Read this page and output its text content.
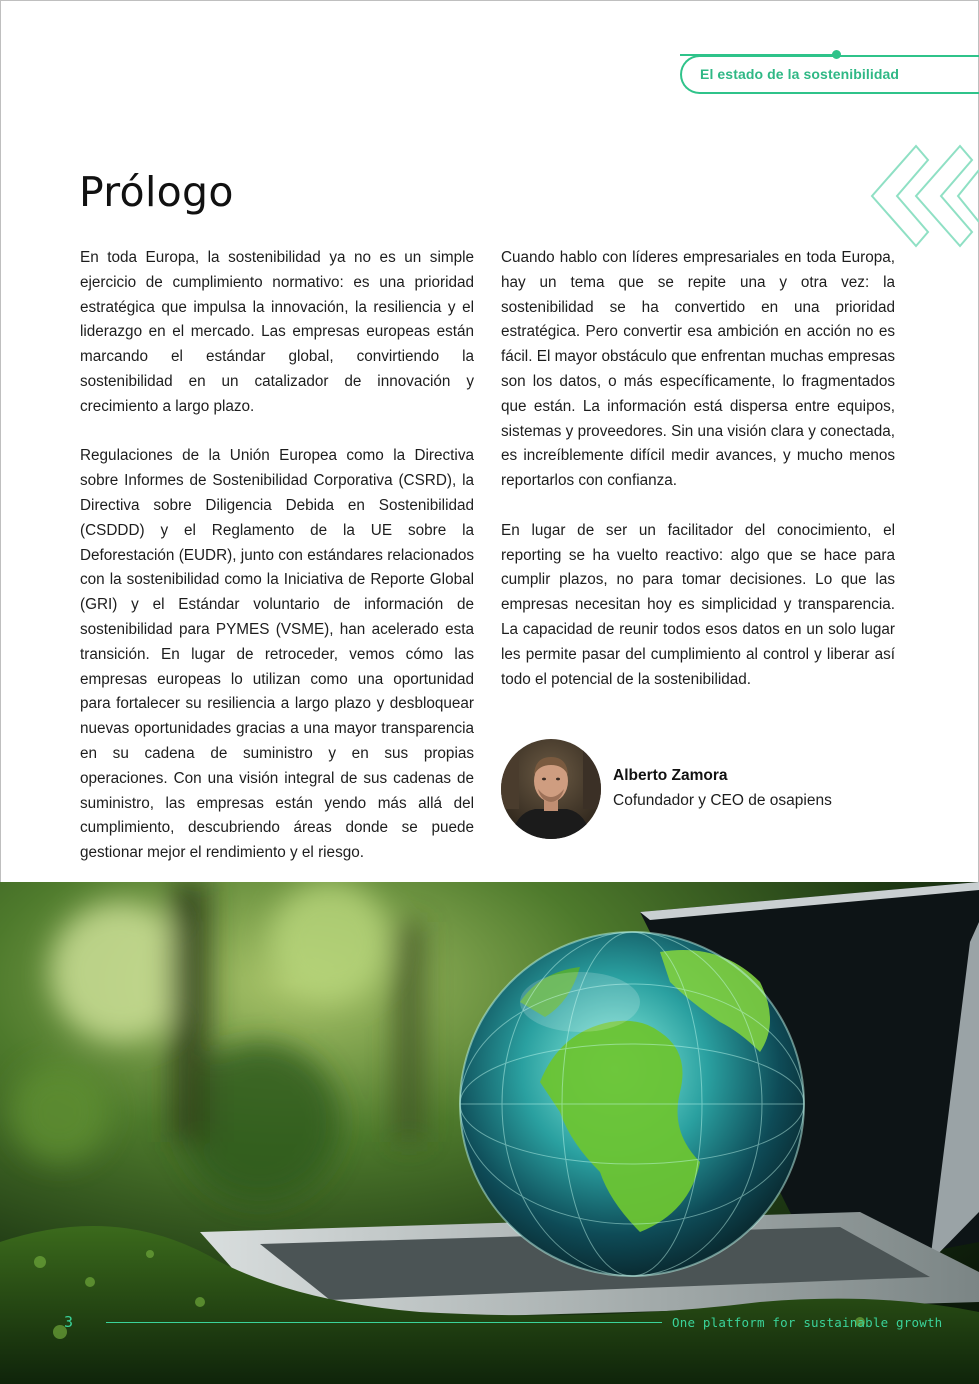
El estado de la sostenibilidad
Prólogo

En toda Europa, la sostenibilidad ya no es un simple ejercicio de cumplimiento normativo: es una prioridad estratégica que impulsa la innovación, la resiliencia y el liderazgo en el mercado. Las empresas europeas están marcando el estándar global, convirtiendo la sostenibilidad en un catalizador de innovación y crecimiento a largo plazo.

Regulaciones de la Unión Europea como la Directiva sobre Informes de Sostenibilidad Corporativa (CSRD), la Directiva sobre Diligencia Debida en Sostenibilidad (CSDDD) y el Reglamento de la UE sobre la Deforestación (EUDR), junto con estándares relacionados con la sostenibilidad como la Iniciativa de Reporte Global (GRI) y el Estándar voluntario de información de sostenibilidad para PYMES (VSME), han acelerado esta transición. En lugar de retroceder, vemos cómo las empresas europeas lo utilizan como una oportunidad para fortalecer su resiliencia a largo plazo y desbloquear nuevas oportunidades gracias a una mayor transparencia en su cadena de suministro y en sus propias operaciones. Con una visión integral de sus cadenas de suministro, las empresas están yendo más allá del cumplimiento, descubriendo áreas donde se puede gestionar mejor el rendimiento y el riesgo.

Cuando hablo con líderes empresariales en toda Europa, hay un tema que se repite una y otra vez: la sostenibilidad se ha convertido en una prioridad estratégica. Pero convertir esa ambición en acción no es fácil. El mayor obstáculo que enfrentan muchas empresas son los datos, o más específicamente, lo fragmentados que están. La información está dispersa entre equipos, sistemas y proveedores. Sin una visión clara y conectada, es increíblemente difícil medir avances, y mucho menos reportarlos con confianza.

En lugar de ser un facilitador del conocimiento, el reporting se ha vuelto reactivo: algo que se hace para cumplir plazos, no para tomar decisiones. Lo que las empresas necesitan hoy es simplicidad y transparencia. La capacidad de reunir todos esos datos en un solo lugar les permite pasar del cumplimiento al control y liberar así todo el potencial de la sostenibilidad.

Alberto Zamora
Cofundador y CEO de osapiens
3	One platform for sustainable growth
